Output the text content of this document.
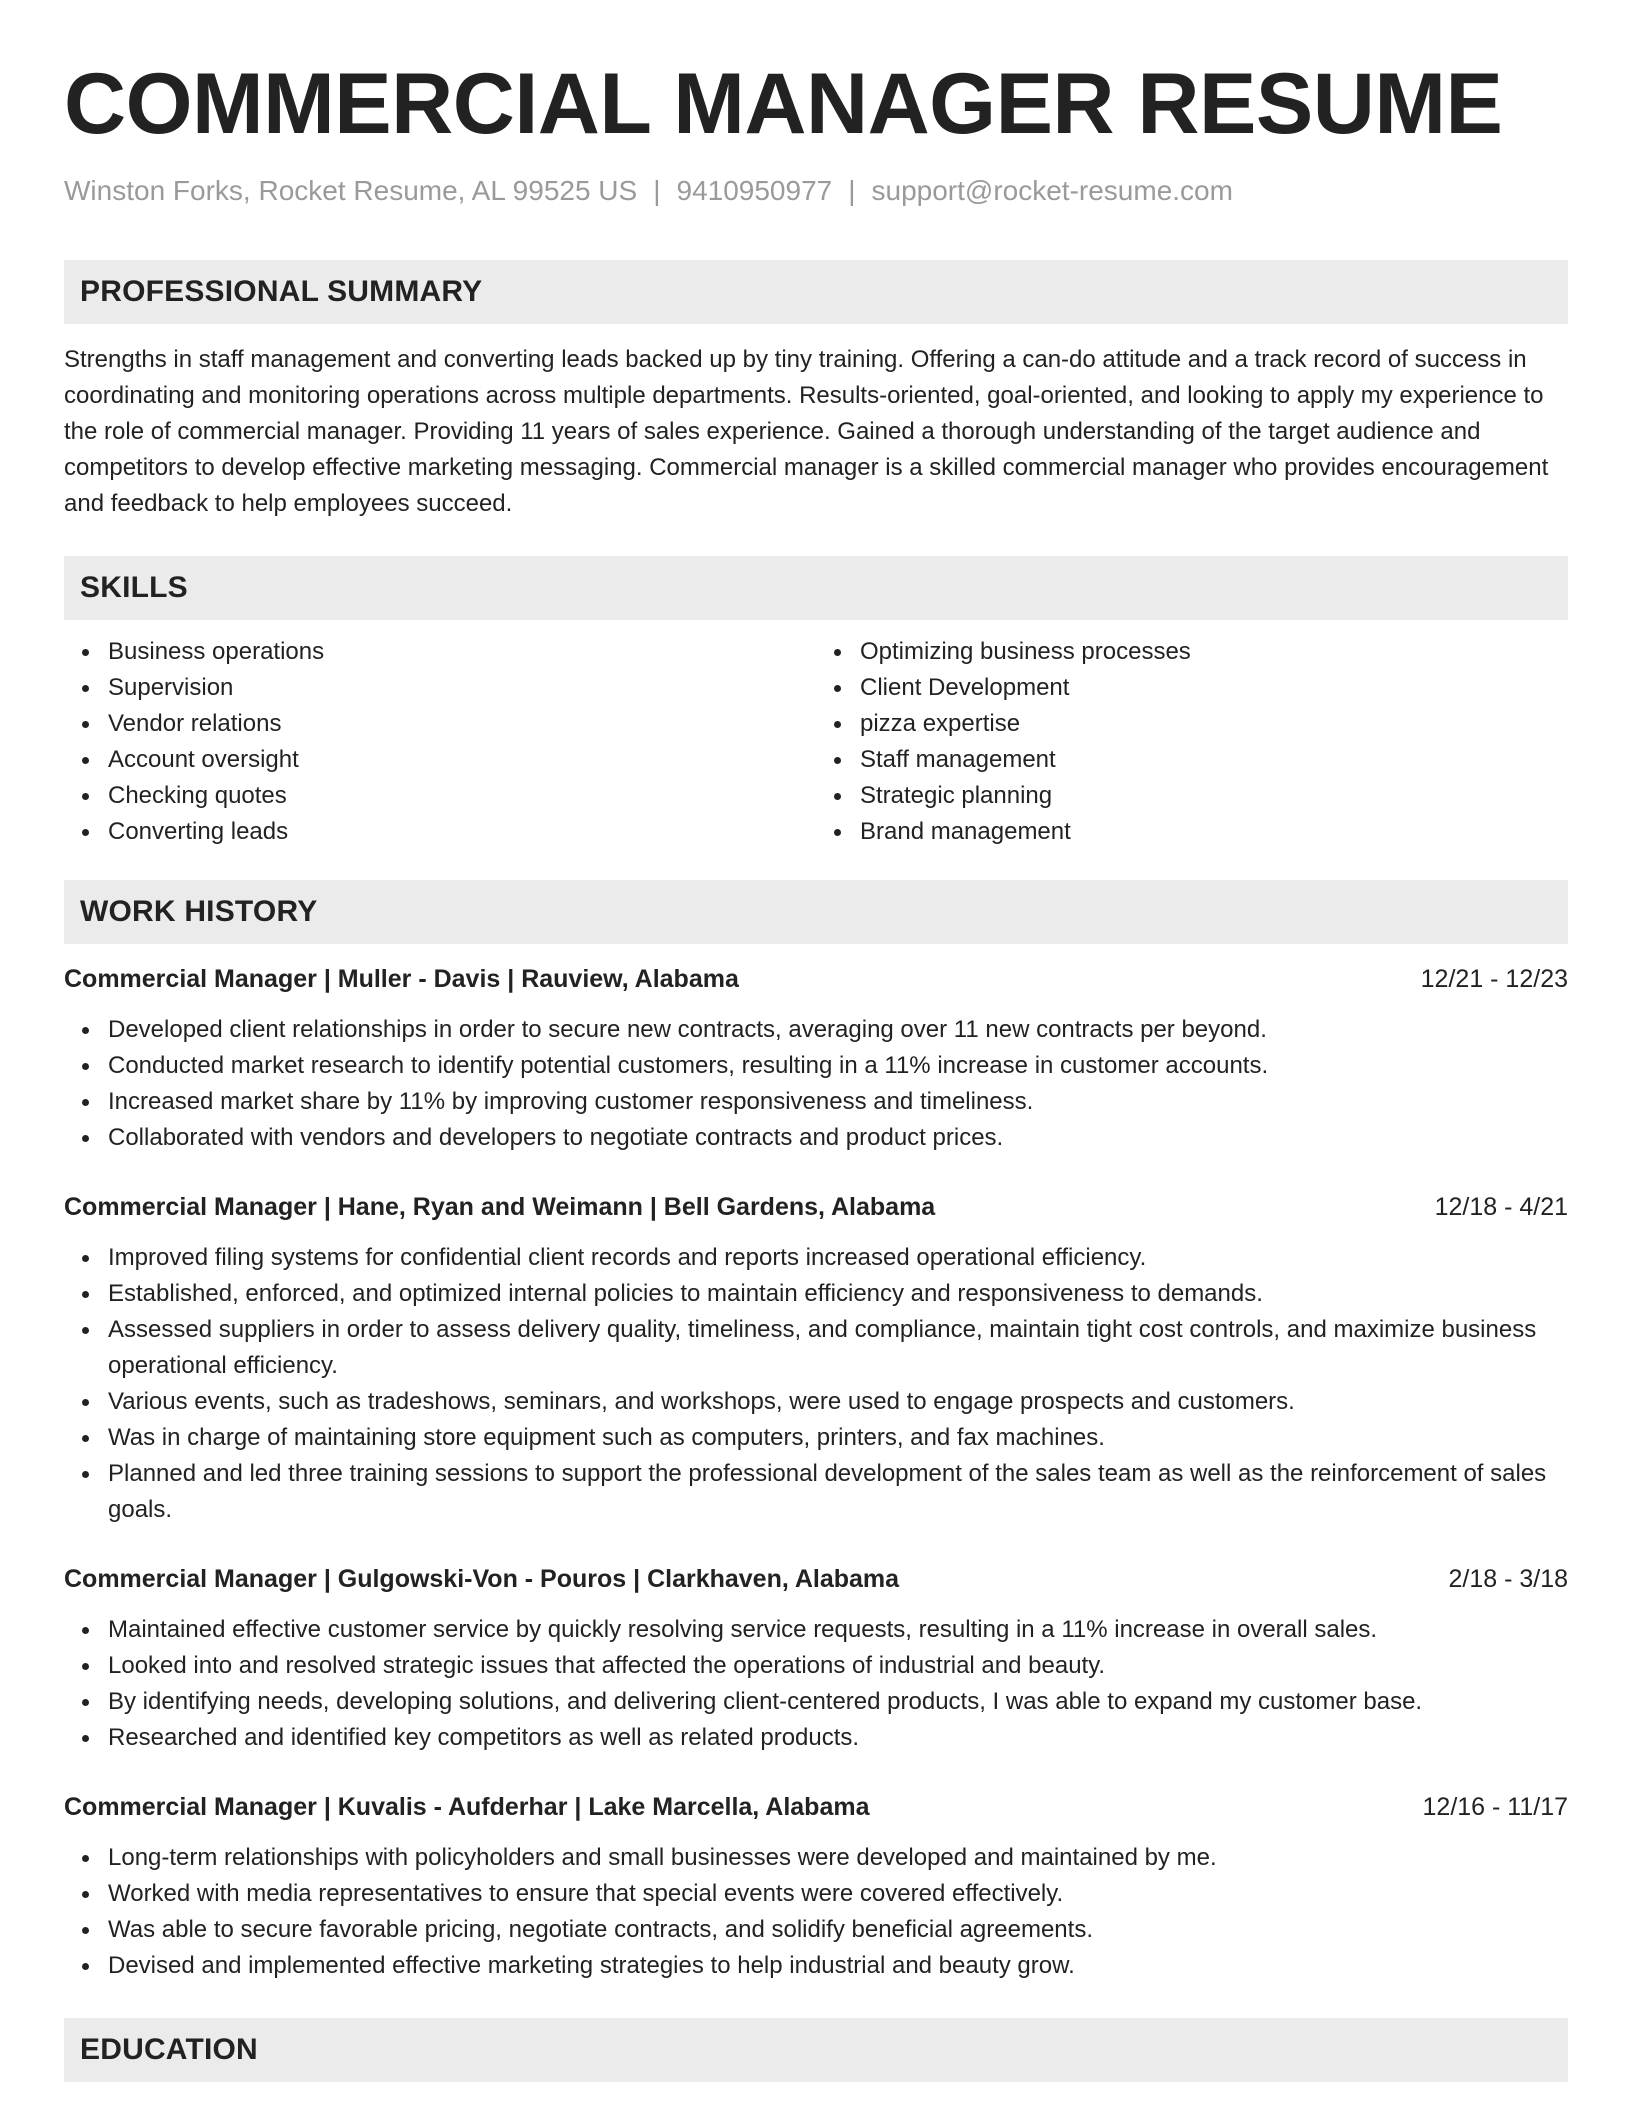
COMMERCIAL MANAGER RESUME
Winston Forks, Rocket Resume, AL 99525 US | 9410950977 | support@rocket-resume.com
PROFESSIONAL SUMMARY

Strengths in staff management and converting leads backed up by tiny training. Offering a can-do attitude and a track record of success in coordinating and monitoring operations across multiple departments. Results-oriented, goal-oriented, and looking to apply my experience to the role of commercial manager. Providing 11 years of sales experience. Gained a thorough understanding of the target audience and competitors to develop effective marketing messaging. Commercial manager is a skilled commercial manager who provides encouragement and feedback to help employees succeed.

SKILLS
Business operations
Supervision
Vendor relations
Account oversight
Checking quotes
Converting leads
Optimizing business processes
Client Development
pizza expertise
Staff management
Strategic planning
Brand management
WORK HISTORY
Commercial Manager | Muller - Davis | Rauview, Alabama	12/21 - 12/23
Developed client relationships in order to secure new contracts, averaging over 11 new contracts per beyond.
Conducted market research to identify potential customers, resulting in a 11% increase in customer accounts.
Increased market share by 11% by improving customer responsiveness and timeliness.
Collaborated with vendors and developers to negotiate contracts and product prices.
Commercial Manager | Hane, Ryan and Weimann | Bell Gardens, Alabama	12/18 - 4/21
Improved filing systems for confidential client records and reports increased operational efficiency.
Established, enforced, and optimized internal policies to maintain efficiency and responsiveness to demands.
Assessed suppliers in order to assess delivery quality, timeliness, and compliance, maintain tight cost controls, and maximize business operational efficiency.
Various events, such as tradeshows, seminars, and workshops, were used to engage prospects and customers.
Was in charge of maintaining store equipment such as computers, printers, and fax machines.
Planned and led three training sessions to support the professional development of the sales team as well as the reinforcement of sales goals.
Commercial Manager | Gulgowski-Von - Pouros | Clarkhaven, Alabama	2/18 - 3/18
Maintained effective customer service by quickly resolving service requests, resulting in a 11% increase in overall sales.
Looked into and resolved strategic issues that affected the operations of industrial and beauty.
By identifying needs, developing solutions, and delivering client-centered products, I was able to expand my customer base.
Researched and identified key competitors as well as related products.
Commercial Manager | Kuvalis - Aufderhar | Lake Marcella, Alabama	12/16 - 11/17
Long-term relationships with policyholders and small businesses were developed and maintained by me.
Worked with media representatives to ensure that special events were covered effectively.
Was able to secure favorable pricing, negotiate contracts, and solidify beneficial agreements.
Devised and implemented effective marketing strategies to help industrial and beauty grow.
EDUCATION
